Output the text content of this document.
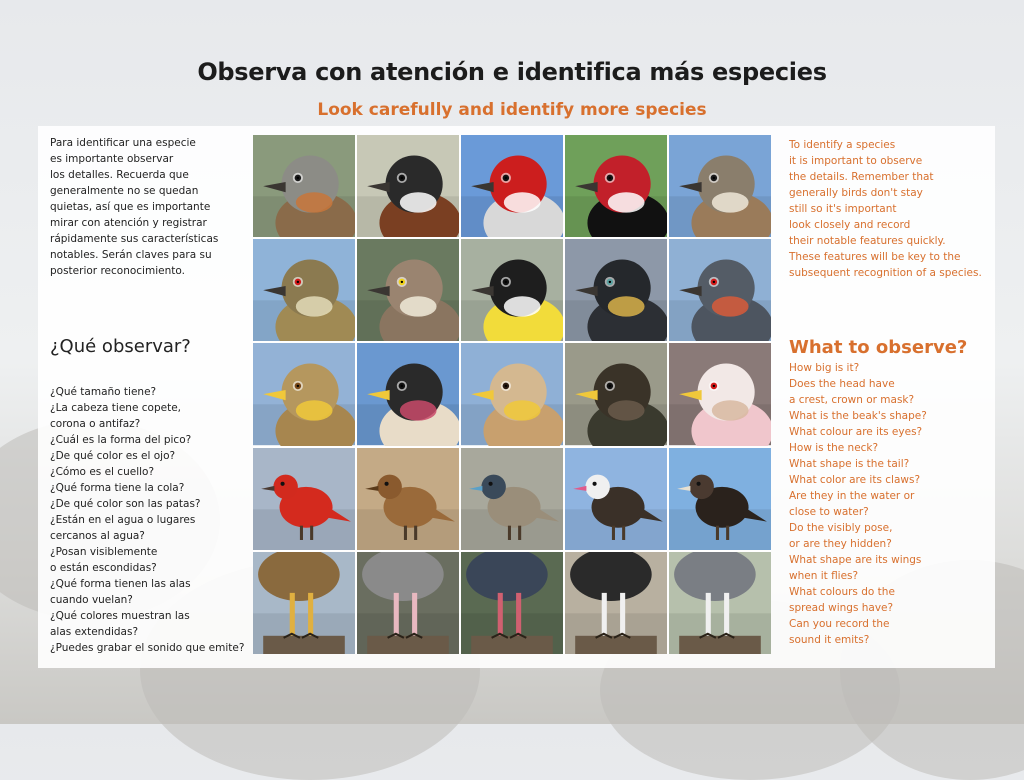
Observa con atención e identifica más especies
Look carefully and identify more species
Para identificar una especie
es importante observar
los detalles. Recuerda que
generalmente no se quedan
quietas, así que es importante
mirar con atención y registrar
rápidamente sus características
notables. Serán claves para su
posterior reconocimiento.
¿Qué observar?
¿Qué tamaño tiene?
¿La cabeza tiene copete,
corona o antifaz?
¿Cuál es la forma del pico?
¿De qué color es el ojo?
¿Cómo es el cuello?
¿Qué forma tiene la cola?
¿De qué color son las patas?
¿Están en el agua o lugares
cercanos al agua?
¿Posan visiblemente
o están escondidas?
¿Qué forma tienen las alas
cuando vuelan?
¿Qué colores muestran las
alas extendidas?
¿Puedes grabar el sonido que emite?
To identify a species
it is important to observe
the details. Remember that
generally birds don't stay
still so it's important
look closely and record
their notable features quickly.
These features will be key to the
subsequent recognition of a species.
What to observe?
How big is it?
Does the head have
a crest, crown or mask?
What is the beak's shape?
What colour are its eyes?
How is the neck?
What shape is the tail?
What color are its claws?
Are they in the water or
close to water?
Do the visibly pose,
or are they hidden?
What shape are its wings
when it flies?
What colours do the
spread wings have?
Can you record the
sound it emits?
